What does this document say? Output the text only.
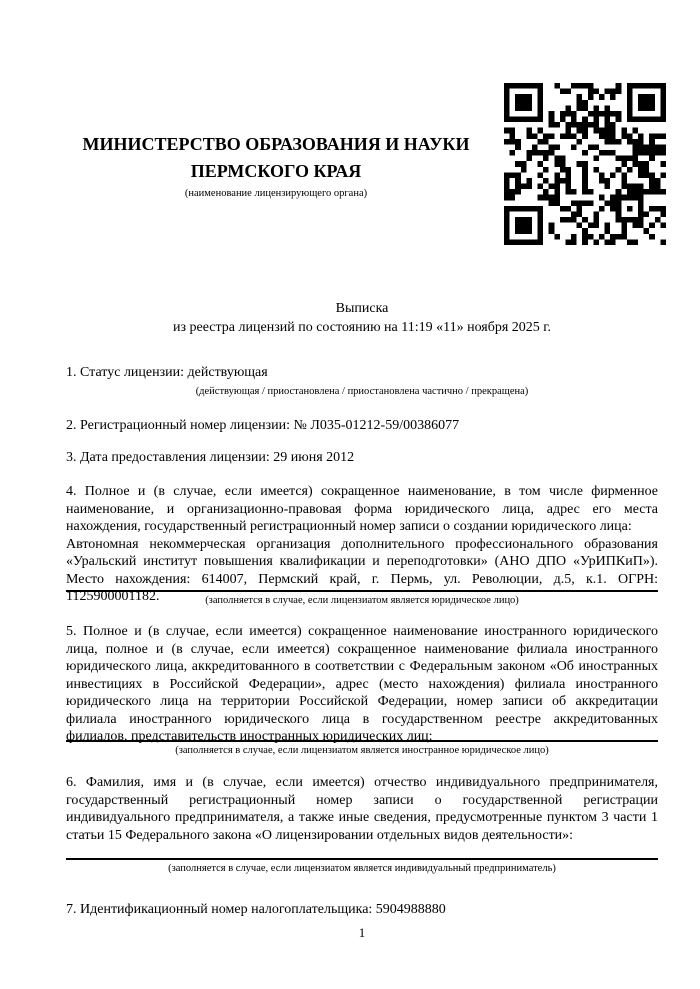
МИНИСТЕРСТВО ОБРАЗОВАНИЯ И НАУКИ
ПЕРМСКОГО КРАЯ
(наименование лицензирующего органа)
Выписка
из реестра лицензий по состоянию на 11:19 «11» ноября 2025 г.
1. Статус лицензии: действующая
(действующая / приостановлена / приостановлена частично / прекращена)
2. Регистрационный номер лицензии: № Л035-01212-59/00386077
3. Дата предоставления лицензии: 29 июня 2012
4. Полное и (в случае, если имеется) сокращенное наименование, в том числе фирменное наименование, и организационно-правовая форма юридического лица, адрес его места нахождения, государственный регистрационный номер записи о создании юридического лица:
Автономная некоммерческая организация дополнительного профессионального образования «Уральский институт повышения квалификации и переподготовки» (АНО ДПО «УрИПКиП»). Место нахождения: 614007, Пермский край, г. Пермь, ул. Революции, д.5, к.1. ОГРН: 1125900001182.	(заполняется в случае, если лицензиатом является юридическое лицо)
5. Полное и (в случае, если имеется) сокращенное наименование иностранного юридического лица, полное и (в случае, если имеется) сокращенное наименование филиала иностранного юридического лица, аккредитованного в соответствии с Федеральным законом «Об иностранных инвестициях в Российской Федерации», адрес (место нахождения) филиала иностранного юридического лица на территории Российской Федерации, номер записи об аккредитации филиала иностранного юридического лица в государственном реестре аккредитованных филиалов, представительств иностранных юридических лиц:
(заполняется в случае, если лицензиатом является иностранное юридическое лицо)
6. Фамилия, имя и (в случае, если имеется) отчество индивидуального предпринимателя, государственный регистрационный номер записи о государственной регистрации индивидуального предпринимателя, а также иные сведения, предусмотренные пунктом 3 части 1 статьи 15 Федерального закона «О лицензировании отдельных видов деятельности»:
(заполняется в случае, если лицензиатом является индивидуальный предприниматель)
7. Идентификационный номер налогоплательщика: 5904988880
1
